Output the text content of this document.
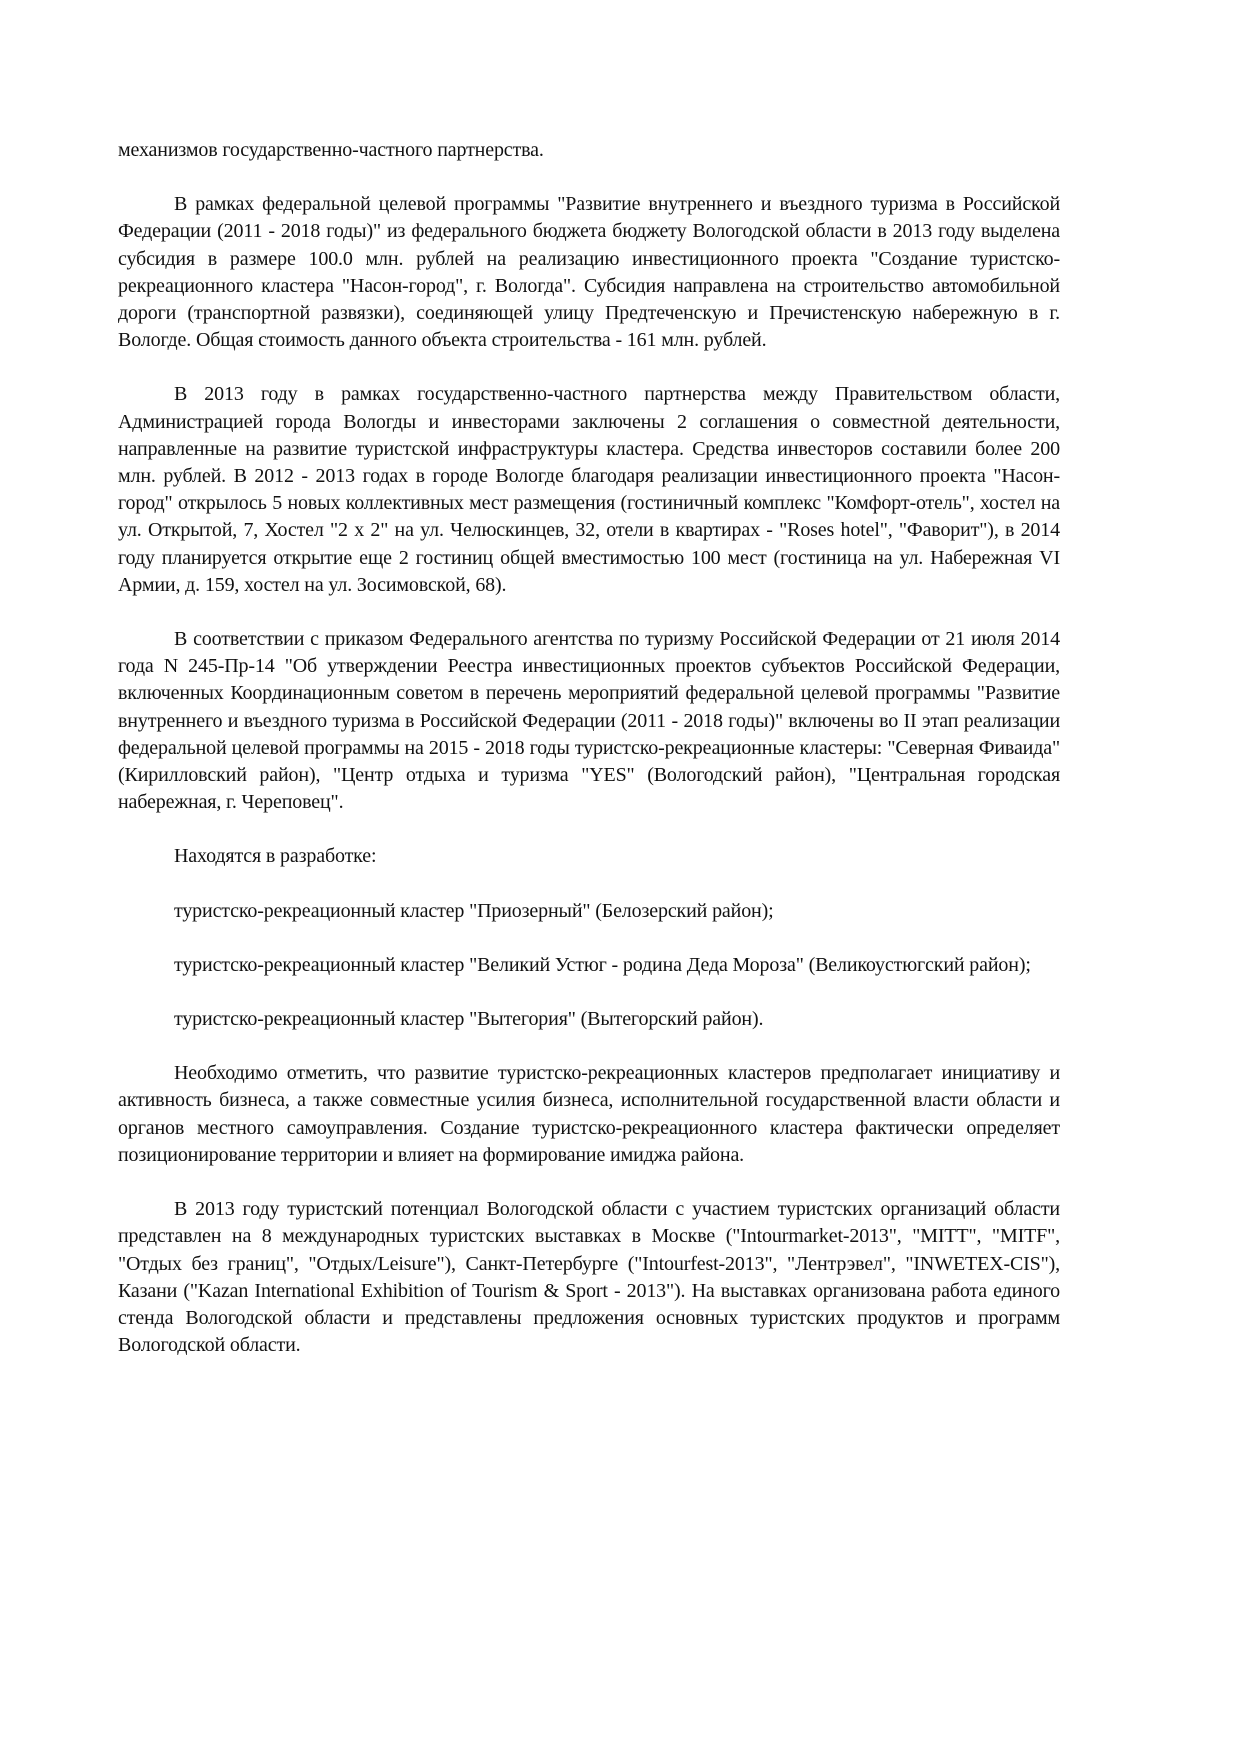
механизмов государственно-частного партнерства.

В рамках федеральной целевой программы "Развитие внутреннего и въездного туризма в Российской Федерации (2011 - 2018 годы)" из федерального бюджета бюджету Вологодской области в 2013 году выделена субсидия в размере 100.0 млн. рублей на реализацию инвестиционного проекта "Создание туристско-рекреационного кластера "Насон-город", г. Вологда". Субсидия направлена на строительство автомобильной дороги (транспортной развязки), соединяющей улицу Предтеченскую и Пречистенскую набережную в г. Вологде. Общая стоимость данного объекта строительства - 161 млн. рублей.

В 2013 году в рамках государственно-частного партнерства между Правительством области, Администрацией города Вологды и инвесторами заключены 2 соглашения о совместной деятельности, направленные на развитие туристской инфраструктуры кластера. Средства инвесторов составили более 200 млн. рублей. В 2012 - 2013 годах в городе Вологде благодаря реализации инвестиционного проекта "Насон-город" открылось 5 новых коллективных мест размещения (гостиничный комплекс "Комфорт-отель", хостел на ул. Открытой, 7, Хостел "2 х 2" на ул. Челюскинцев, 32, отели в квартирах - "Roses hotel", "Фаворит"), в 2014 году планируется открытие еще 2 гостиниц общей вместимостью 100 мест (гостиница на ул. Набережная VI Армии, д. 159, хостел на ул. Зосимовской, 68).

В соответствии с приказом Федерального агентства по туризму Российской Федерации от 21 июля 2014 года N 245-Пр-14 "Об утверждении Реестра инвестиционных проектов субъектов Российской Федерации, включенных Координационным советом в перечень мероприятий федеральной целевой программы "Развитие внутреннего и въездного туризма в Российской Федерации (2011 - 2018 годы)" включены во II этап реализации федеральной целевой программы на 2015 - 2018 годы туристско-рекреационные кластеры: "Северная Фиваида" (Кирилловский район), "Центр отдыха и туризма "YES" (Вологодский район), "Центральная городская набережная, г. Череповец".

Находятся в разработке:

туристско-рекреационный кластер "Приозерный" (Белозерский район);

туристско-рекреационный кластер "Великий Устюг - родина Деда Мороза" (Великоустюгский район);

туристско-рекреационный кластер "Вытегория" (Вытегорский район).

Необходимо отметить, что развитие туристско-рекреационных кластеров предполагает инициативу и активность бизнеса, а также совместные усилия бизнеса, исполнительной государственной власти области и органов местного самоуправления. Создание туристско-рекреационного кластера фактически определяет позиционирование территории и влияет на формирование имиджа района.

В 2013 году туристский потенциал Вологодской области с участием туристских организаций области представлен на 8 международных туристских выставках в Москве ("Intourmarket-2013", "MITT", "MITF", "Отдых без границ", "Отдых/Leisure"), Санкт-Петербурге ("Intourfest-2013", "Лентрэвел", "INWETEX-CIS"), Казани ("Kazan International Exhibition of Tourism & Sport - 2013"). На выставках организована работа единого стенда Вологодской области и представлены предложения основных туристских продуктов и программ Вологодской области.
